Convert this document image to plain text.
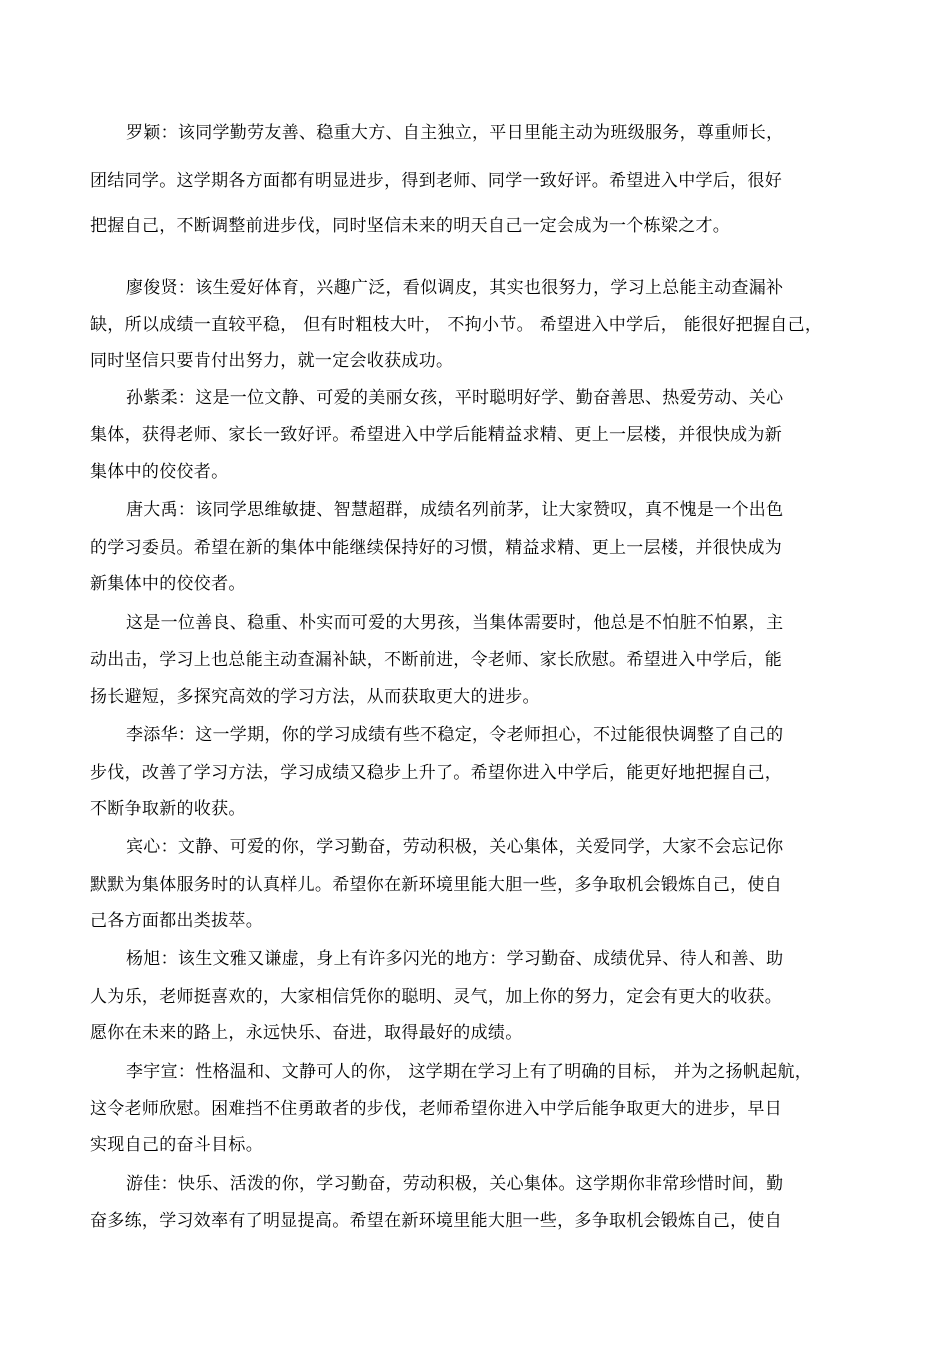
罗颖：该同学勤劳友善、稳重大方、自主独立，平日里能主动为班级服务，尊重师长，
团结同学。这学期各方面都有明显进步，得到老师、同学一致好评。希望进入中学后，很好
把握自己，不断调整前进步伐，同时坚信未来的明天自己一定会成为一个栋梁之才。
廖俊贤：该生爱好体育，兴趣广泛，看似调皮，其实也很努力，学习上总能主动查漏补
缺，所以成绩一直较平稳， 但有时粗枝大叶， 不拘小节。 希望进入中学后， 能很好把握自己，
同时坚信只要肯付出努力，就一定会收获成功。
孙紫柔：这是一位文静、可爱的美丽女孩，平时聪明好学、勤奋善思、热爱劳动、关心
集体，获得老师、家长一致好评。希望进入中学后能精益求精、更上一层楼，并很快成为新
集体中的佼佼者。
唐大禹：该同学思维敏捷、智慧超群，成绩名列前茅，让大家赞叹，真不愧是一个出色
的学习委员。希望在新的集体中能继续保持好的习惯，精益求精、更上一层楼，并很快成为
新集体中的佼佼者。
这是一位善良、稳重、朴实而可爱的大男孩，当集体需要时，他总是不怕脏不怕累，主
动出击，学习上也总能主动查漏补缺，不断前进，令老师、家长欣慰。希望进入中学后，能
扬长避短，多探究高效的学习方法，从而获取更大的进步。
李添华：这一学期，你的学习成绩有些不稳定，令老师担心，不过能很快调整了自己的
步伐，改善了学习方法，学习成绩又稳步上升了。希望你进入中学后，能更好地把握自己，
不断争取新的收获。
宾心：文静、可爱的你，学习勤奋，劳动积极，关心集体，关爱同学，大家不会忘记你
默默为集体服务时的认真样儿。希望你在新环境里能大胆一些，多争取机会锻炼自己，使自
己各方面都出类拔萃。
杨旭：该生文雅又谦虚，身上有许多闪光的地方：学习勤奋、成绩优异、待人和善、助
人为乐，老师挺喜欢的，大家相信凭你的聪明、灵气，加上你的努力，定会有更大的收获。
愿你在未来的路上，永远快乐、奋进，取得最好的成绩。
李宇宣：性格温和、文静可人的你， 这学期在学习上有了明确的目标， 并为之扬帆起航，
这令老师欣慰。困难挡不住勇敢者的步伐，老师希望你进入中学后能争取更大的进步，早日
实现自己的奋斗目标。
游佳：快乐、活泼的你，学习勤奋，劳动积极，关心集体。这学期你非常珍惜时间，勤
奋多练，学习效率有了明显提高。希望在新环境里能大胆一些，多争取机会锻炼自己，使自
